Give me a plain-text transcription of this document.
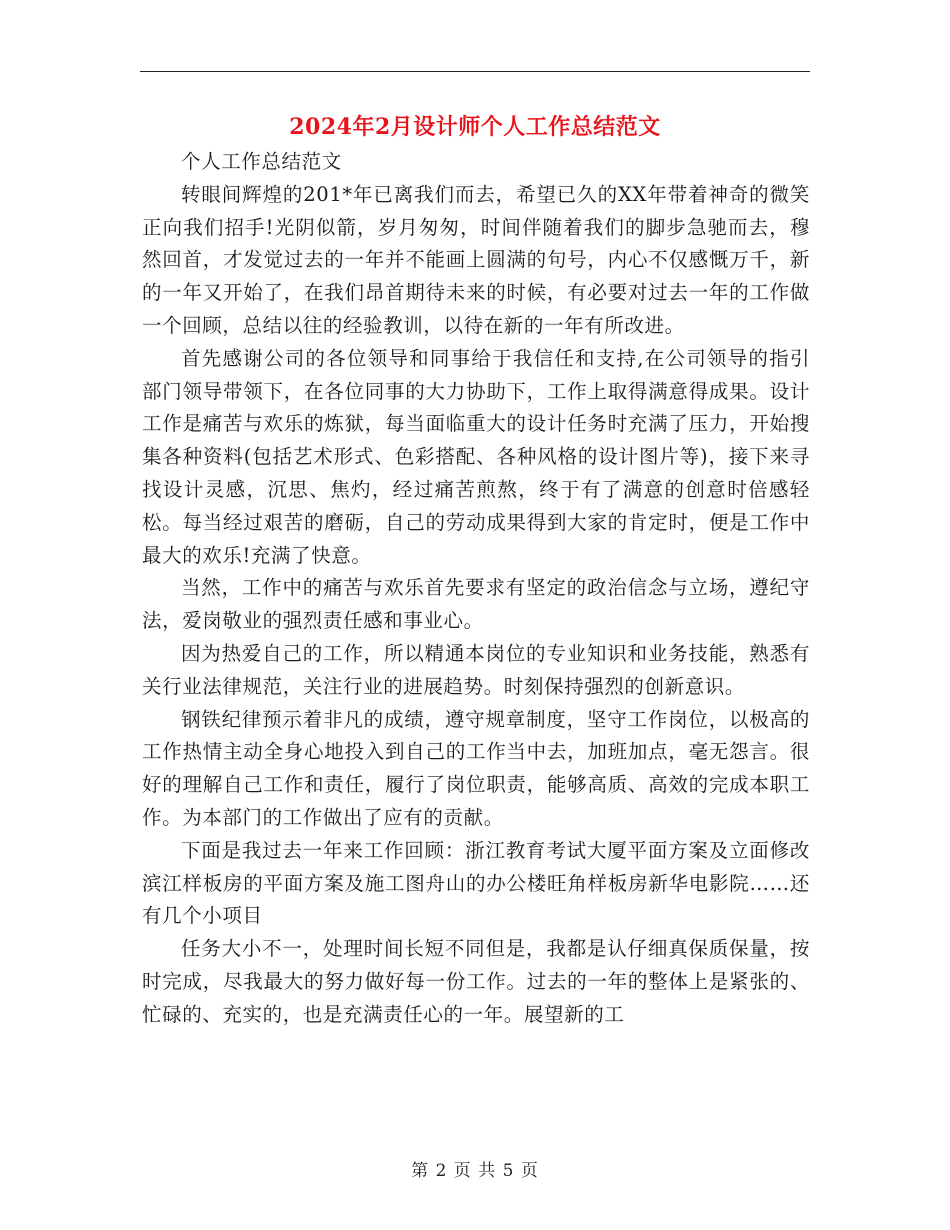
2024年2月设计师个人工作总结范文

个人工作总结范文

转眼间辉煌的201*年已离我们而去，希望已久的XX年带着神奇的微笑正向我们招手!光阴似箭，岁月匆匆，时间伴随着我们的脚步急驰而去，穆然回首，才发觉过去的一年并不能画上圆满的句号，内心不仅感慨万千，新的一年又开始了，在我们昂首期待未来的时候，有必要对过去一年的工作做一个回顾，总结以往的经验教训，以待在新的一年有所改进。

首先感谢公司的各位领导和同事给于我信任和支持,在公司领导的指引部门领导带领下，在各位同事的大力协助下，工作上取得满意得成果。设计工作是痛苦与欢乐的炼狱，每当面临重大的设计任务时充满了压力，开始搜集各种资料(包括艺术形式、色彩搭配、各种风格的设计图片等)，接下来寻找设计灵感，沉思、焦灼，经过痛苦煎熬，终于有了满意的创意时倍感轻松。每当经过艰苦的磨砺，自己的劳动成果得到大家的肯定时，便是工作中最大的欢乐!充满了快意。

当然，工作中的痛苦与欢乐首先要求有坚定的政治信念与立场，遵纪守法，爱岗敬业的强烈责任感和事业心。

因为热爱自己的工作，所以精通本岗位的专业知识和业务技能，熟悉有关行业法律规范，关注行业的进展趋势。时刻保持强烈的创新意识。

钢铁纪律预示着非凡的成绩，遵守规章制度，坚守工作岗位，以极高的工作热情主动全身心地投入到自己的工作当中去，加班加点，毫无怨言。很好的理解自己工作和责任，履行了岗位职责，能够高质、高效的完成本职工作。为本部门的工作做出了应有的贡献。

下面是我过去一年来工作回顾：浙江教育考试大厦平面方案及立面修改滨江样板房的平面方案及施工图舟山的办公楼旺角样板房新华电影院……还有几个小项目

任务大小不一，处理时间长短不同但是，我都是认仔细真保质保量，按时完成，尽我最大的努力做好每一份工作。过去的一年的整体上是紧张的、忙碌的、充实的，也是充满责任心的一年。展望新的工

第 2 页 共 5 页
